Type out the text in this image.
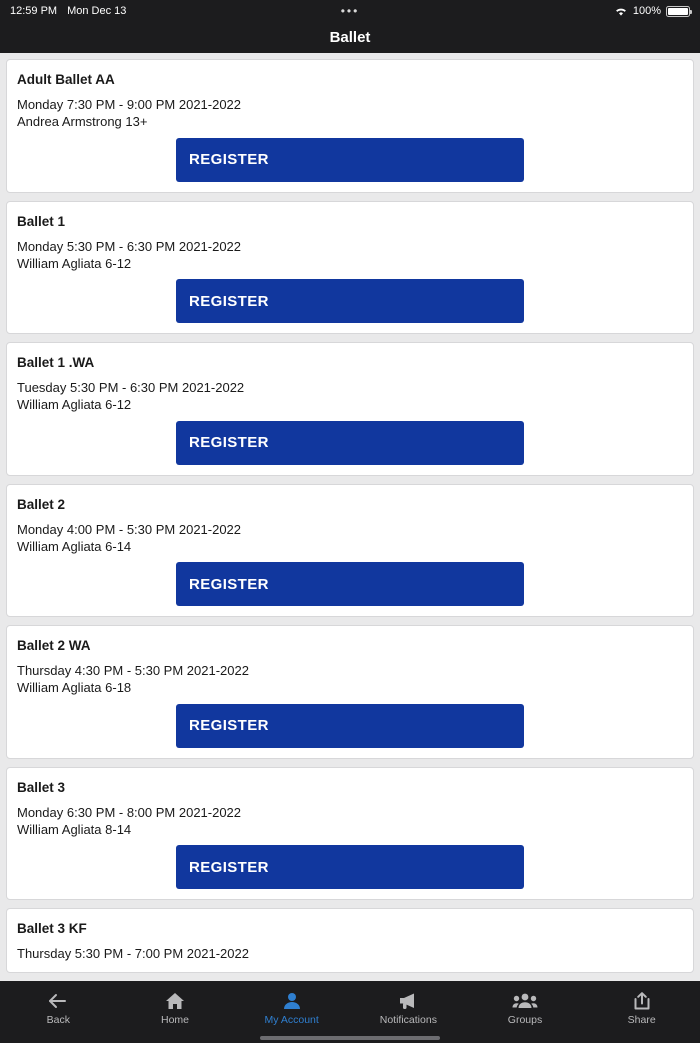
12:59 PM Mon Dec 13	•••	100%
Ballet
Adult Ballet AA
Monday 7:30 PM - 9:00 PM 2021-2022
Andrea Armstrong 13+
REGISTER
Ballet 1
Monday 5:30 PM - 6:30 PM 2021-2022
William Agliata 6-12
REGISTER
Ballet 1 .WA
Tuesday 5:30 PM - 6:30 PM 2021-2022
William Agliata 6-12
REGISTER
Ballet 2
Monday 4:00 PM - 5:30 PM 2021-2022
William Agliata 6-14
REGISTER
Ballet 2 WA
Thursday 4:30 PM - 5:30 PM 2021-2022
William Agliata 6-18
REGISTER
Ballet 3
Monday 6:30 PM - 8:00 PM 2021-2022
William Agliata 8-14
REGISTER
Ballet 3 KF
Thursday 5:30 PM - 7:00 PM 2021-2022
Back	Home	My Account	Notifications	Groups	Share
